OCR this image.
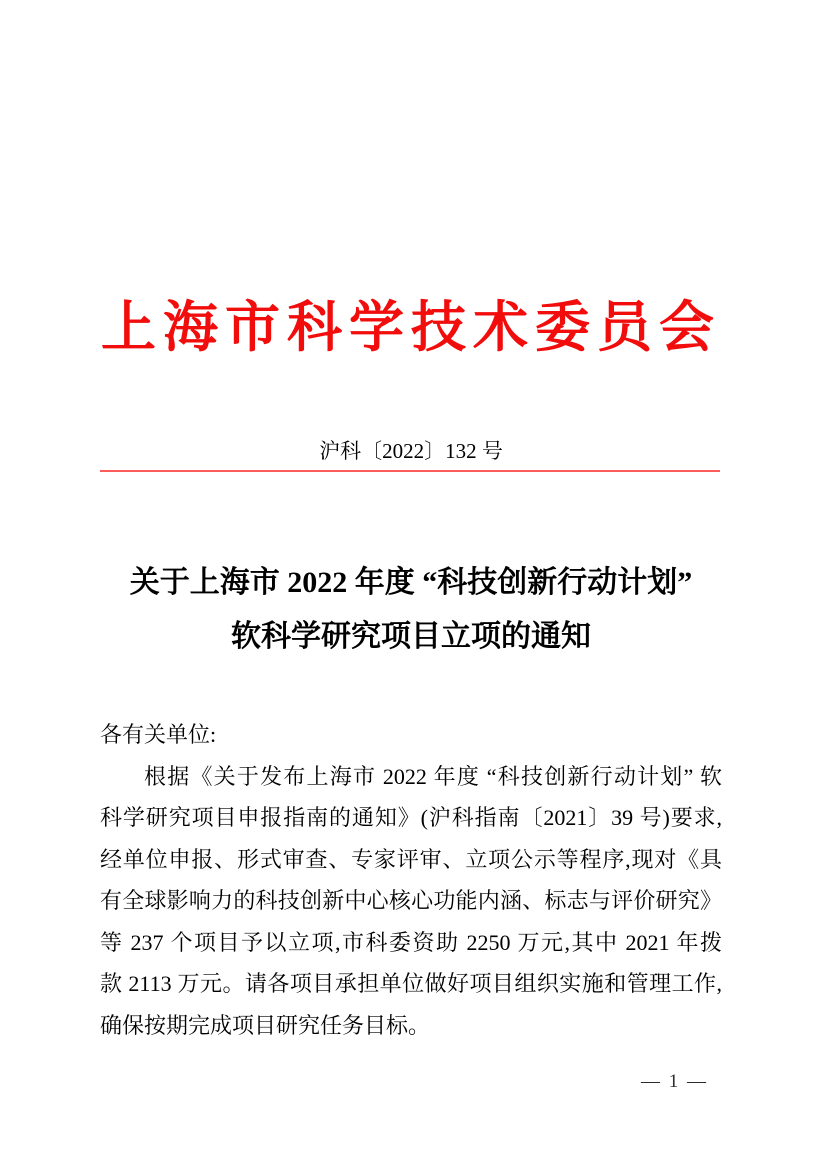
上海市科学技术委员会
沪科〔2022〕132 号
关于上海市 2022 年度 “科技创新行动计划”
软科学研究项目立项的通知
各有关单位:
根据《关于发布上海市 2022 年度 “科技创新行动计划” 软
科学研究项目申报指南的通知》(沪科指南〔2021〕39 号)要求,
经单位申报、形式审查、专家评审、立项公示等程序,现对《具
有全球影响力的科技创新中心核心功能内涵、标志与评价研究》
等 237 个项目予以立项,市科委资助 2250 万元,其中 2021 年拨
款 2113 万元。请各项目承担单位做好项目组织实施和管理工作,
确保按期完成项目研究任务目标。
— 1 —
